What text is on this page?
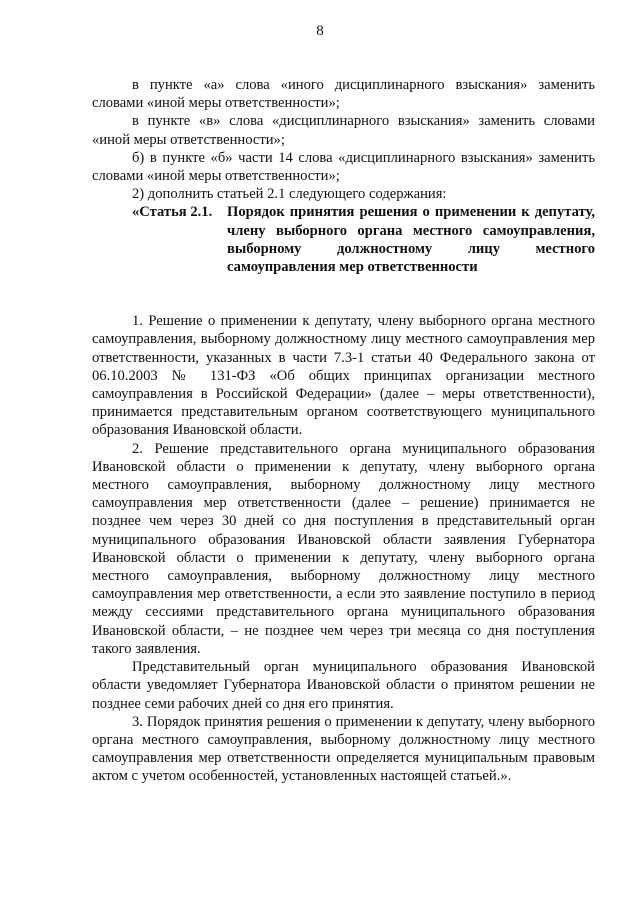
8

в пункте «а» слова «иного дисциплинарного взыскания» заменить словами «иной меры ответственности»;

в пункте «в» слова «дисциплинарного взыскания» заменить словами «иной меры ответственности»;

б) в пункте «б» части 14 слова «дисциплинарного взыскания» заменить словами «иной меры ответственности»;

2) дополнить статьей 2.1 следующего содержания:

«Статья 2.1.	Порядок принятия решения о применении к депутату, члену выборного органа местного самоуправления, выборному должностному лицу местного самоуправления мер ответственности

1. Решение о применении к депутату, члену выборного органа местного самоуправления, выборному должностному лицу местного самоуправления мер ответственности, указанных в части 7.3-1 статьи 40 Федерального закона от 06.10.2003 № 131-ФЗ «Об общих принципах организации местного самоуправления в Российской Федерации» (далее – меры ответственности), принимается представительным органом соответствующего муниципального образования Ивановской области.

2. Решение представительного органа муниципального образования Ивановской области о применении к депутату, члену выборного органа местного самоуправления, выборному должностному лицу местного самоуправления мер ответственности (далее – решение) принимается не позднее чем через 30 дней со дня поступления в представительный орган муниципального образования Ивановской области заявления Губернатора Ивановской области о применении к депутату, члену выборного органа местного самоуправления, выборному должностному лицу местного самоуправления мер ответственности, а если это заявление поступило в период между сессиями представительного органа муниципального образования Ивановской области, – не позднее чем через три месяца со дня поступления такого заявления.

Представительный орган муниципального образования Ивановской области уведомляет Губернатора Ивановской области о принятом решении не позднее семи рабочих дней со дня его принятия.

3. Порядок принятия решения о применении к депутату, члену выборного органа местного самоуправления, выборному должностному лицу местного самоуправления мер ответственности определяется муниципальным правовым актом с учетом особенностей, установленных настоящей статьей.».
